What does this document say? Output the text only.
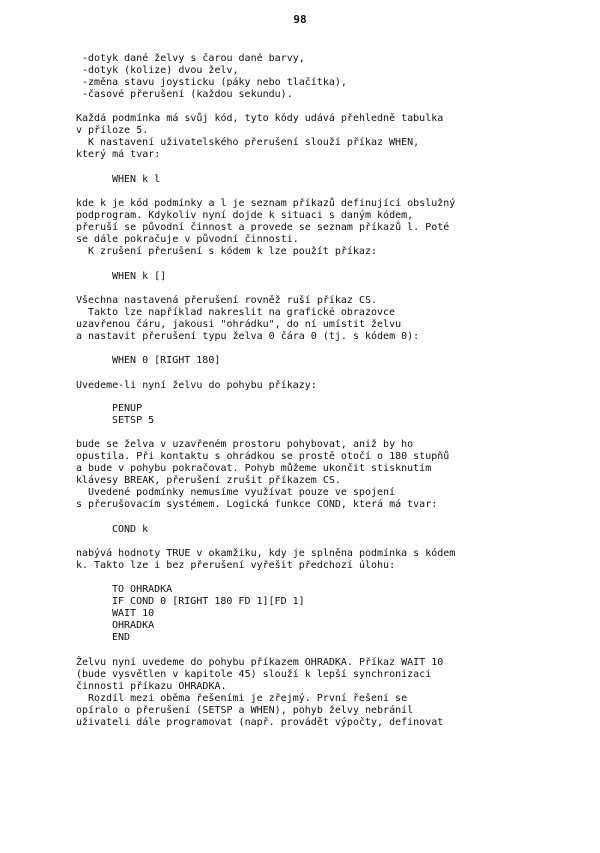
98
-dotyk dané želvy s čarou dané barvy,
-dotyk (kolize) dvou želv,
-změna stavu joysticku (páky nebo tlačítka),
-časové přerušení (každou sekundu).
Každá podmínka má svůj kód, tyto kódy udává přehledně tabulka
v příloze 5.
K nastavení uživatelského přerušení slouží příkaz WHEN,
který má tvar:
WHEN k l
kde k je kód podmínky a l je seznam příkazů definující obslužný
podprogram. Kdykoliv nyní dojde k situaci s daným kódem,
přeruší se původní činnost a provede se seznam příkazů l. Poté
se dále pokračuje v původní činnosti.
K zrušení přerušení s kódem k lze použít příkaz:
WHEN k []
Všechna nastavená přerušení rovněž ruší příkaz CS.
Takto lze například nakreslit na grafické obrazovce
uzavřenou čáru, jakousi "ohrádku", do ní umístit želvu
a nastavit přerušení typu želva 0 čára 0 (tj. s kódem 0):
WHEN 0 [RIGHT 180]
Uvedeme-li nyní želvu do pohybu příkazy:
PENUP
SETSP 5
bude se želva v uzavřeném prostoru pohybovat, aniž by ho
opustila. Při kontaktu s ohrádkou se prostě otočí o 180 stupňů
a bude v pohybu pokračovat. Pohyb můžeme ukončit stisknutím
klávesy BREAK, přerušení zrušit příkazem CS.
Uvedené podmínky nemusíme využívat pouze ve spojení
s přerušovacím systémem. Logická funkce COND, která má tvar:
COND k
nabývá hodnoty TRUE v okamžiku, kdy je splněna podmínka s kódem
k. Takto lze i bez přerušení vyřešit předchozí úlohu:
TO OHRADKA
IF COND 0 [RIGHT 180 FD 1][FD 1]
WAIT 10
OHRADKA
END
Želvu nyní uvedeme do pohybu příkazem OHRADKA. Příkaz WAIT 10
(bude vysvětlen v kapitole 45) slouží k lepší synchronizaci
činnosti příkazu OHRADKA.
Rozdíl mezi oběma řešeními je zřejmý. První řešení se
opíralo o přerušení (SETSP a WHEN), pohyb želvy nebránil
uživateli dále programovat (např. provádět výpočty, definovat
